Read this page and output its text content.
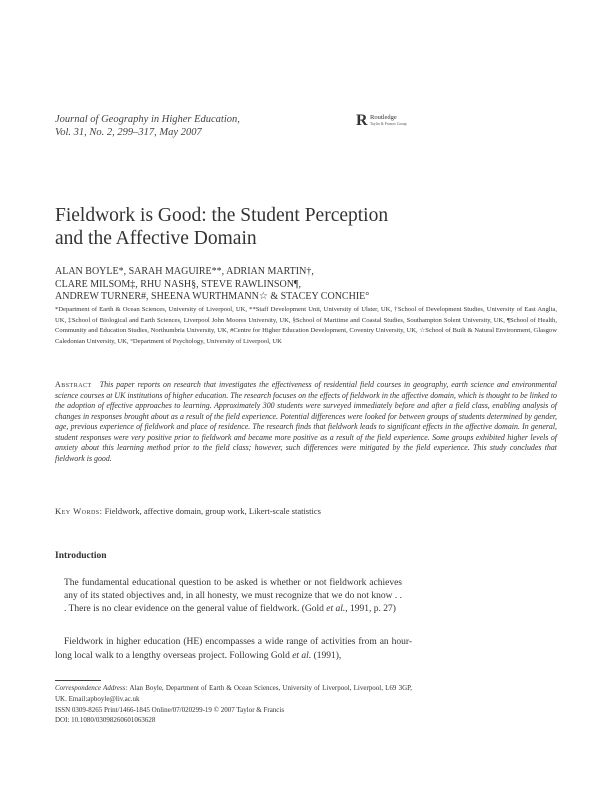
Journal of Geography in Higher Education,
Vol. 31, No. 2, 299–317, May 2007
R Routledge
Taylor & Francis Group
Fieldwork is Good: the Student Perception
and the Affective Domain
ALAN BOYLE*, SARAH MAGUIRE**, ADRIAN MARTIN†,
CLARE MILSOM‡, RHU NASH§, STEVE RAWLINSON¶,
ANDREW TURNER#, SHEENA WURTHMANN☆ & STACEY CONCHIE°
*Department of Earth & Ocean Sciences, University of Liverpool, UK, **Staff Development Unit, University of Ulster, UK, †School of Development Studies, University of East Anglia, UK, ‡School of Biological and Earth Sciences, Liverpool John Moores University, UK, §School of Maritime and Coastal Studies, Southampton Solent University, UK, ¶School of Health, Community and Education Studies, Northumbria University, UK, #Centre for Higher Education Development, Coventry University, UK, ☆School of Built & Natural Environment, Glasgow Caledonian University, UK, °Department of Psychology, University of Liverpool, UK
Abstract This paper reports on research that investigates the effectiveness of residential field courses in geography, earth science and environmental science courses at UK institutions of higher education. The research focuses on the effects of fieldwork in the affective domain, which is thought to be linked to the adoption of effective approaches to learning. Approximately 300 students were surveyed immediately before and after a field class, enabling analysis of changes in responses brought about as a result of the field experience. Potential differences were looked for between groups of students determined by gender, age, previous experience of fieldwork and place of residence. The research finds that fieldwork leads to significant effects in the affective domain. In general, student responses were very positive prior to fieldwork and became more positive as a result of the field experience. Some groups exhibited higher levels of anxiety about this learning method prior to the field class; however, such differences were mitigated by the field experience. This study concludes that fieldwork is good.
Key Words: Fieldwork, affective domain, group work, Likert-scale statistics
Introduction
The fundamental educational question to be asked is whether or not fieldwork achieves any of its stated objectives and, in all honesty, we must recognize that we do not know . . . There is no clear evidence on the general value of fieldwork. (Gold et al., 1991, p. 27)
Fieldwork in higher education (HE) encompasses a wide range of activities from an hour-long local walk to a lengthy overseas project. Following Gold et al. (1991),
Correspondence Address: Alan Boyle, Department of Earth & Ocean Sciences, University of Liverpool, Liverpool, L69 3GP, UK. Email:apboyle@liv.ac.uk
ISSN 0309-8265 Print/1466-1845 Online/07/020299-19 © 2007 Taylor & Francis
DOI: 10.1080/03098260601063628
